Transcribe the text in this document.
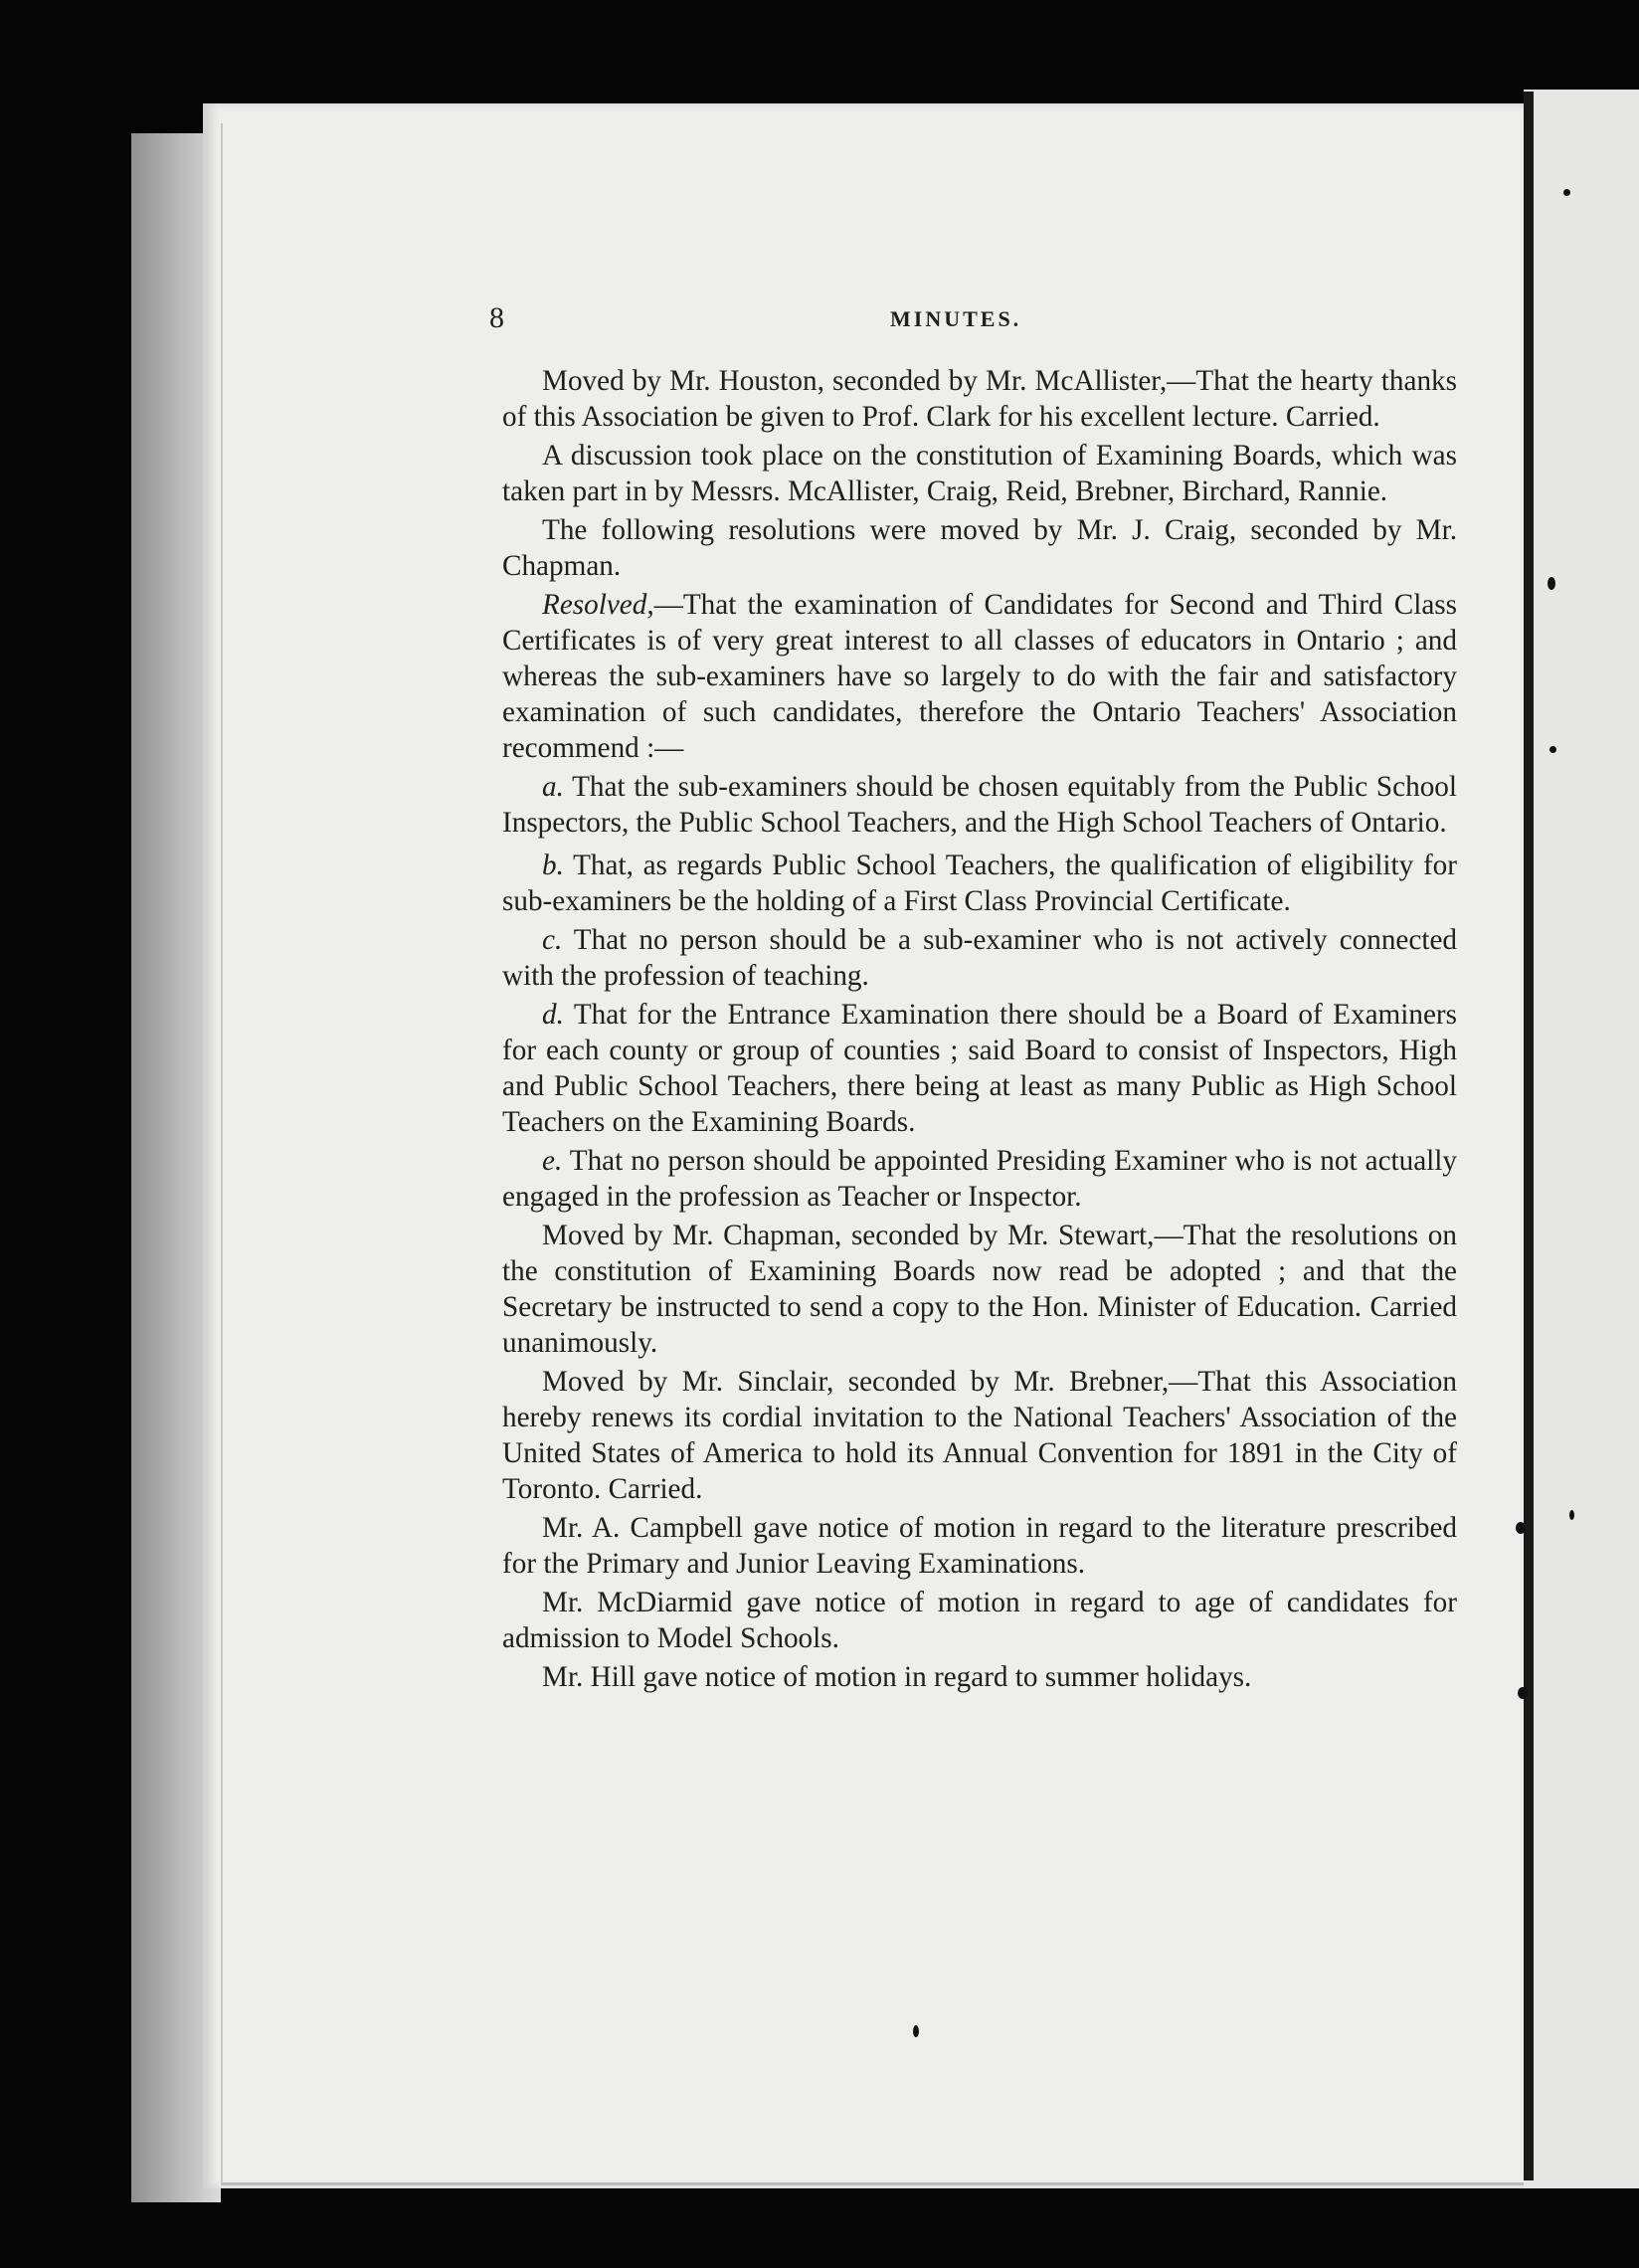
8	MINUTES.

Moved by Mr. Houston, seconded by Mr. McAllister,—That the hearty thanks of this Association be given to Prof. Clark for his excellent lecture. Carried.

A discussion took place on the constitution of Examining Boards, which was taken part in by Messrs. McAllister, Craig, Reid, Brebner, Birchard, Rannie.

The following resolutions were moved by Mr. J. Craig, seconded by Mr. Chapman.

Resolved,—That the examination of Candidates for Second and Third Class Certificates is of very great interest to all classes of educators in Ontario ; and whereas the sub-examiners have so largely to do with the fair and satisfactory examination of such candidates, therefore the Ontario Teachers' Association recommend :—

a. That the sub-examiners should be chosen equitably from the Public School Inspectors, the Public School Teachers, and the High School Teachers of Ontario.

b. That, as regards Public School Teachers, the qualification of eligibility for sub-examiners be the holding of a First Class Provincial Certificate.

c. That no person should be a sub-examiner who is not actively connected with the profession of teaching.

d. That for the Entrance Examination there should be a Board of Examiners for each county or group of counties ; said Board to consist of Inspectors, High and Public School Teachers, there being at least as many Public as High School Teachers on the Examining Boards.

e. That no person should be appointed Presiding Examiner who is not actually engaged in the profession as Teacher or Inspector.

Moved by Mr. Chapman, seconded by Mr. Stewart,—That the resolutions on the constitution of Examining Boards now read be adopted ; and that the Secretary be instructed to send a copy to the Hon. Minister of Education. Carried unanimously.

Moved by Mr. Sinclair, seconded by Mr. Brebner,—That this Association hereby renews its cordial invitation to the National Teachers' Association of the United States of America to hold its Annual Convention for 1891 in the City of Toronto. Carried.

Mr. A. Campbell gave notice of motion in regard to the literature prescribed for the Primary and Junior Leaving Examinations.

Mr. McDiarmid gave notice of motion in regard to age of candidates for admission to Model Schools.

Mr. Hill gave notice of motion in regard to summer holidays.
